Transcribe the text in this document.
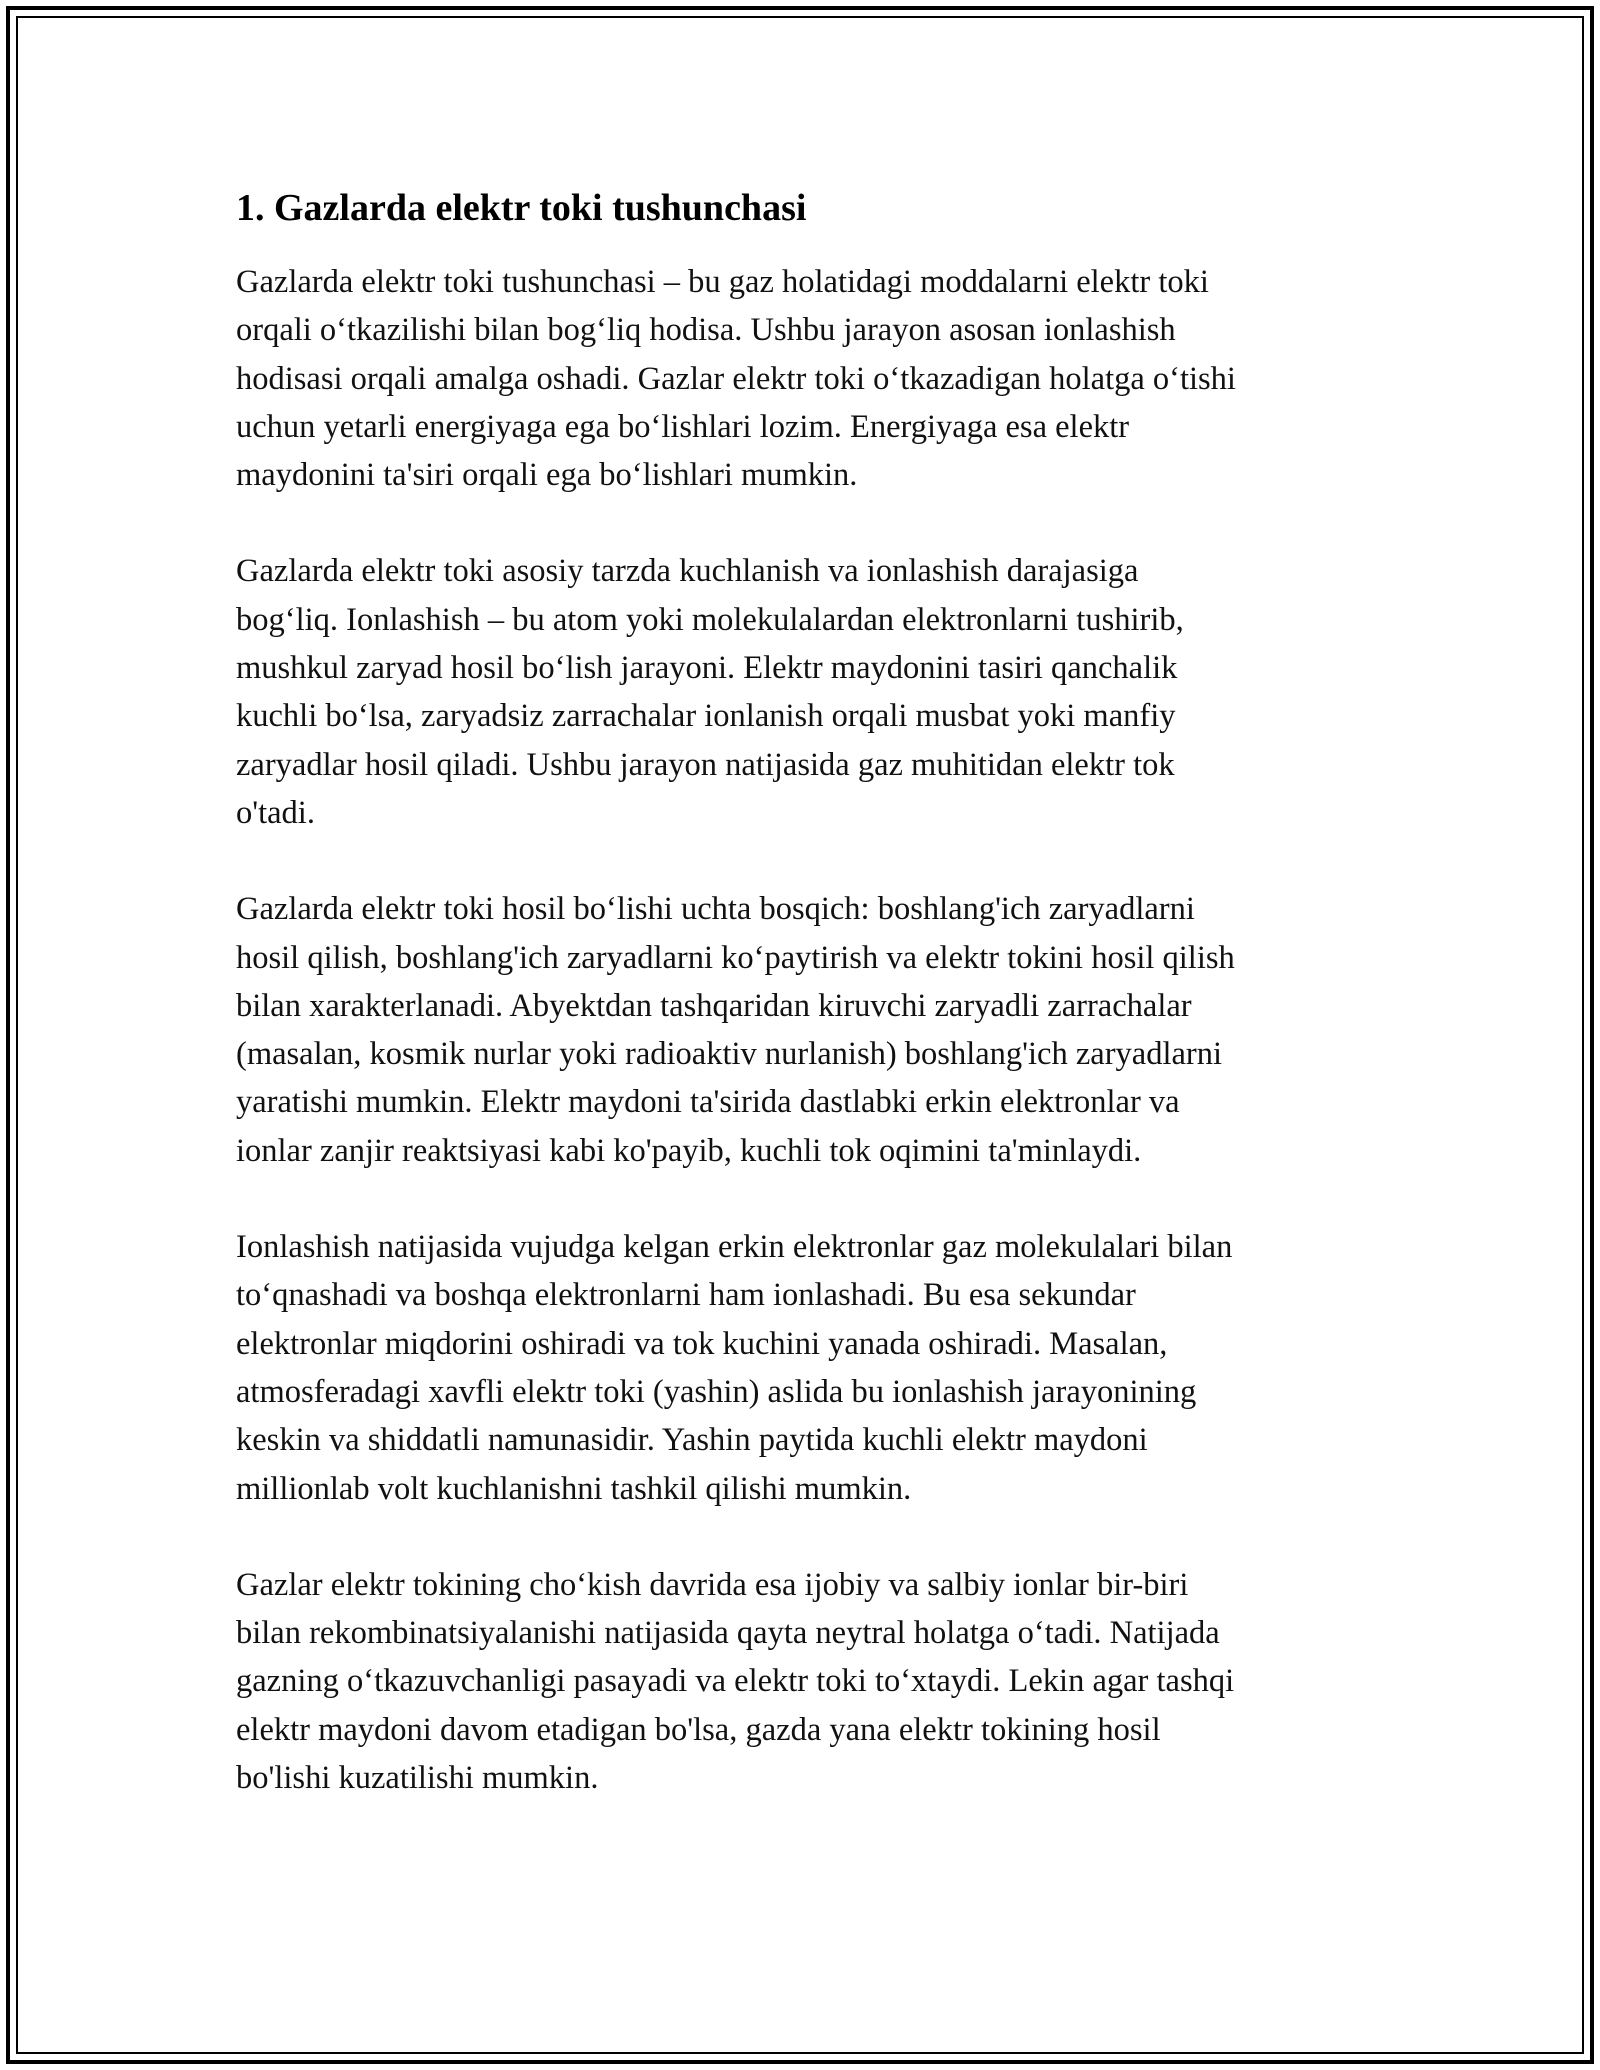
1. Gazlarda elektr toki tushunchasi

Gazlarda elektr toki tushunchasi – bu gaz holatidagi moddalarni elektr toki
orqali o‘tkazilishi bilan bog‘liq hodisa. Ushbu jarayon asosan ionlashish
hodisasi orqali amalga oshadi. Gazlar elektr toki o‘tkazadigan holatga o‘tishi
uchun yetarli energiyaga ega bo‘lishlari lozim. Energiyaga esa elektr
maydonini ta'siri orqali ega bo‘lishlari mumkin.

Gazlarda elektr toki asosiy tarzda kuchlanish va ionlashish darajasiga
bog‘liq. Ionlashish – bu atom yoki molekulalardan elektronlarni tushirib,
mushkul zaryad hosil bo‘lish jarayoni. Elektr maydonini tasiri qanchalik
kuchli bo‘lsa, zaryadsiz zarrachalar ionlanish orqali musbat yoki manfiy
zaryadlar hosil qiladi. Ushbu jarayon natijasida gaz muhitidan elektr tok
o'tadi.

Gazlarda elektr toki hosil bo‘lishi uchta bosqich: boshlang'ich zaryadlarni
hosil qilish, boshlang'ich zaryadlarni ko‘paytirish va elektr tokini hosil qilish
bilan xarakterlanadi. Abyektdan tashqaridan kiruvchi zaryadli zarrachalar
(masalan, kosmik nurlar yoki radioaktiv nurlanish) boshlang'ich zaryadlarni
yaratishi mumkin. Elektr maydoni ta'sirida dastlabki erkin elektronlar va
ionlar zanjir reaktsiyasi kabi ko'payib, kuchli tok oqimini ta'minlaydi.

Ionlashish natijasida vujudga kelgan erkin elektronlar gaz molekulalari bilan
to‘qnashadi va boshqa elektronlarni ham ionlashadi. Bu esa sekundar
elektronlar miqdorini oshiradi va tok kuchini yanada oshiradi. Masalan,
atmosferadagi xavfli elektr toki (yashin) aslida bu ionlashish jarayonining
keskin va shiddatli namunasidir. Yashin paytida kuchli elektr maydoni
millionlab volt kuchlanishni tashkil qilishi mumkin.

Gazlar elektr tokining cho‘kish davrida esa ijobiy va salbiy ionlar bir-biri
bilan rekombinatsiyalanishi natijasida qayta neytral holatga o‘tadi. Natijada
gazning o‘tkazuvchanligi pasayadi va elektr toki to‘xtaydi. Lekin agar tashqi
elektr maydoni davom etadigan bo'lsa, gazda yana elektr tokining hosil
bo'lishi kuzatilishi mumkin.
